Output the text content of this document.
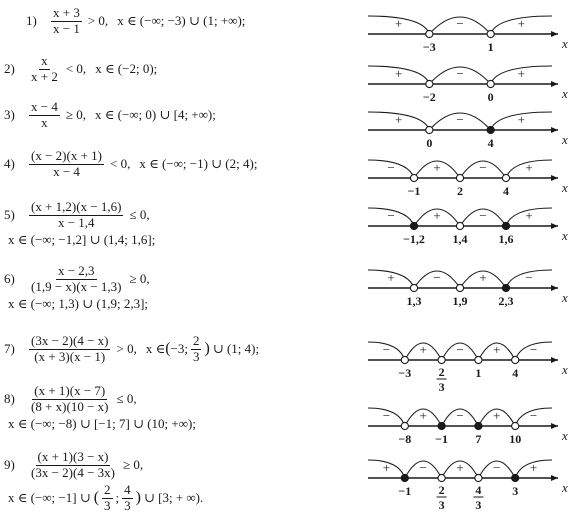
1)	$\frac{x + 3}{x - 1} > 0$, x ∈ (−∞; −3) ∪ (1; +∞);
2)	$\frac{x}{x + 2} < 0$, x ∈ (−2; 0);
3)	$\frac{x - 4}{x} \ge 0$, x ∈ (−∞; 0) ∪ [4; +∞);
4)	$\frac{(x - 2)(x + 1)}{x - 4} < 0$, x ∈ (−∞; −1) ∪ (2; 4);
5)	$\frac{(x + 1,2)(x - 1,6)}{x - 1,4} \le 0$,
x ∈ (−∞; −1,2] ∪ (1,4; 1,6];
6)	$\frac{x - 2,3}{(1,9 - x)(x - 1,3)} \ge 0$,
x ∈ (−∞; 1,3) ∪ (1,9; 2,3];
7)	$\frac{(3x - 2)(4 - x)}{(x + 3)(x - 1)} > 0$, x ∈ ( −3; $\frac{2}{3}$ ) ∪ (1; 4);
8)	$\frac{(x + 1)(x - 7)}{(8 + x)(10 - x)} \le 0$,
x ∈ (−∞; −8) ∪ [−1; 7] ∪ (10; +∞);
9)	$\frac{(x + 1)(3 - x)}{(3x - 2)(4 - 3x)} \ge 0$,
x ∈ (−∞; −1] ∪ ( $\frac{2}{3}$ ; $\frac{4}{3}$ ) ∪ [3; + ∞).
x
+	−	+
−3	1
x
+	−	+
−2	0
x
+	−	+
0	4
x
−	+	−	+
−1	2	4
x
−	+	−	+
−1,2 1,4	1,6
x
+	−	+	−
1,3	1,9	2,3
x
− + − + −
−3 2
3
1	4
x
− + − + −
−8 −1 7 10
x
+ − + − +
−1 2
3
4
3
3
